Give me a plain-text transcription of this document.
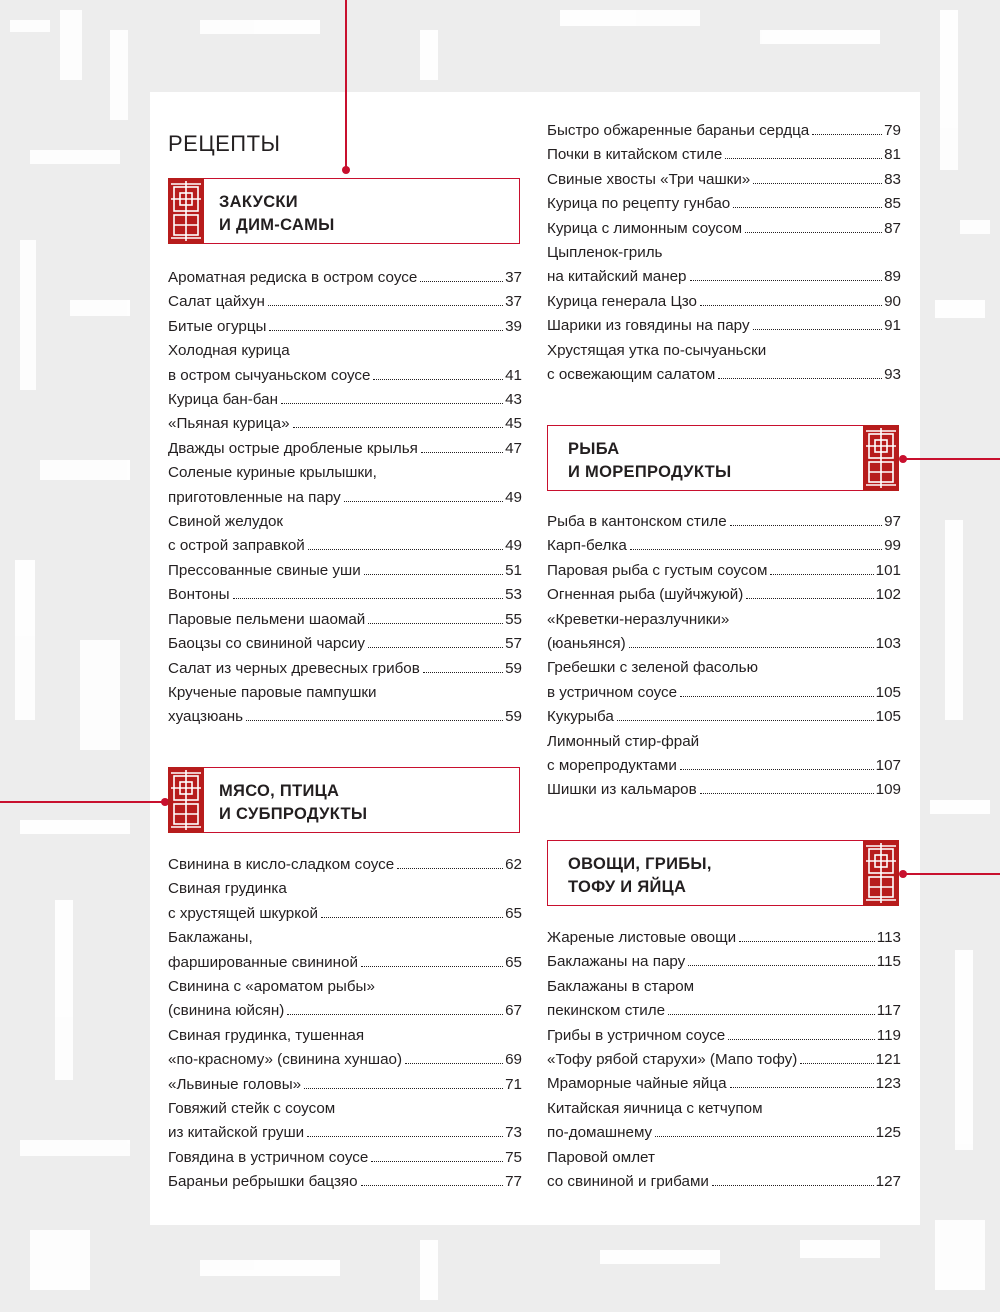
РЕЦЕПТЫ
ЗАКУСКИ
И ДИМ-САМЫ
Ароматная редиска в остром соусе	37
Салат цайхун	37
Битые огурцы	39
Холодная курица
в остром сычуаньском соусе	41
Курица бан-бан	43
«Пьяная курица»	45
Дважды острые дробленые крылья	47
Соленые куриные крылышки,
приготовленные на пару	49
Свиной желудок
с острой заправкой	49
Прессованные свиные уши	51
Вонтоны	53
Паровые пельмени шаомай	55
Баоцзы со свининой чарсиу	57
Салат из черных древесных грибов	59
Крученые паровые пампушки
хуацзюань	59
МЯСО, ПТИЦА
И СУБПРОДУКТЫ
Свинина в кисло-сладком соусе	62
Свиная грудинка
с хрустящей шкуркой	65
Баклажаны,
фаршированные свининой	65
Свинина с «ароматом рыбы»
(свинина юйсян)	67
Свиная грудинка, тушенная
«по-красному» (свинина хуншао)	69
«Львиные головы»	71
Говяжий стейк с соусом
из китайской груши	73
Говядина в устричном соусе	75
Бараньи ребрышки бацзяо	77
Быстро обжаренные бараньи сердца	79
Почки в китайском стиле	81
Свиные хвосты «Три чашки»	83
Курица по рецепту гунбао	85
Курица с лимонным соусом	87
Цыпленок-гриль
на китайский манер	89
Курица генерала Цзо	90
Шарики из говядины на пару	91
Хрустящая утка по-сычуаньски
с освежающим салатом	93
РЫБА
И МОРЕПРОДУКТЫ
Рыба в кантонском стиле	97
Карп-белка	99
Паровая рыба с густым соусом	101
Огненная рыба (шуйчжуюй)	102
«Креветки-неразлучники»
(юаньянся)	103
Гребешки с зеленой фасолью
в устричном соусе	105
Кукурыба	105
Лимонный стир-фрай
с морепродуктами	107
Шишки из кальмаров	109
ОВОЩИ, ГРИБЫ,
ТОФУ И ЯЙЦА
Жареные листовые овощи	113
Баклажаны на пару	115
Баклажаны в старом
пекинском стиле	117
Грибы в устричном соусе	119
«Тофу рябой старухи» (Мапо тофу)	121
Мраморные чайные яйца	123
Китайская яичница с кетчупом
по-домашнему	125
Паровой омлет
со свининой и грибами	127
